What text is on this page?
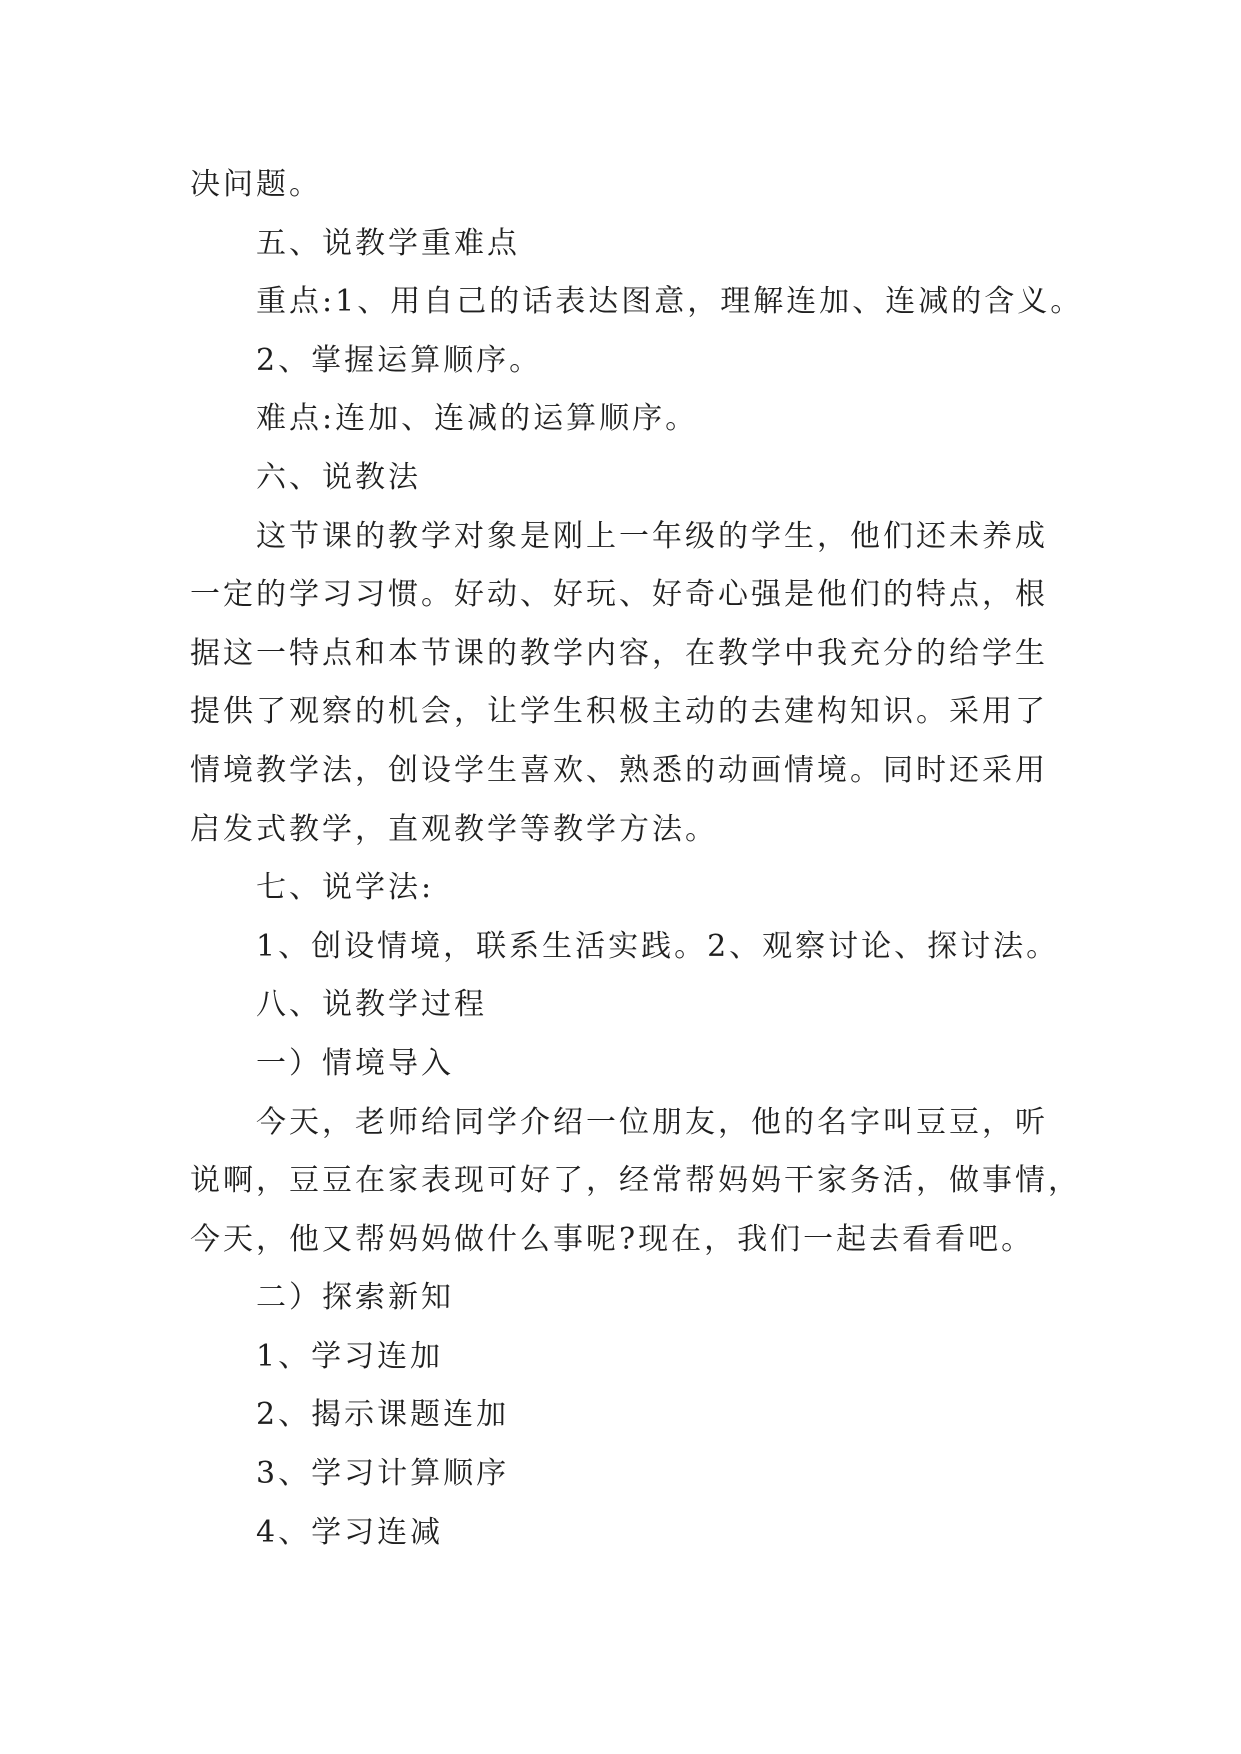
决问题。
五、说教学重难点
重点:1、用自己的话表达图意，理解连加、连减的含义。
2、掌握运算顺序。
难点:连加、连减的运算顺序。
六、说教法
这节课的教学对象是刚上一年级的学生，他们还未养成
一定的学习习惯。好动、好玩、好奇心强是他们的特点，根
据这一特点和本节课的教学内容，在教学中我充分的给学生
提供了观察的机会，让学生积极主动的去建构知识。采用了
情境教学法，创设学生喜欢、熟悉的动画情境。同时还采用
启发式教学，直观教学等教学方法。
七、说学法:
1、创设情境，联系生活实践。2、观察讨论、探讨法。
八、说教学过程
一）情境导入
今天，老师给同学介绍一位朋友，他的名字叫豆豆，听
说啊，豆豆在家表现可好了，经常帮妈妈干家务活，做事情，
今天，他又帮妈妈做什么事呢?现在，我们一起去看看吧。
二）探索新知
1、学习连加
2、揭示课题连加
3、学习计算顺序
4、学习连减
